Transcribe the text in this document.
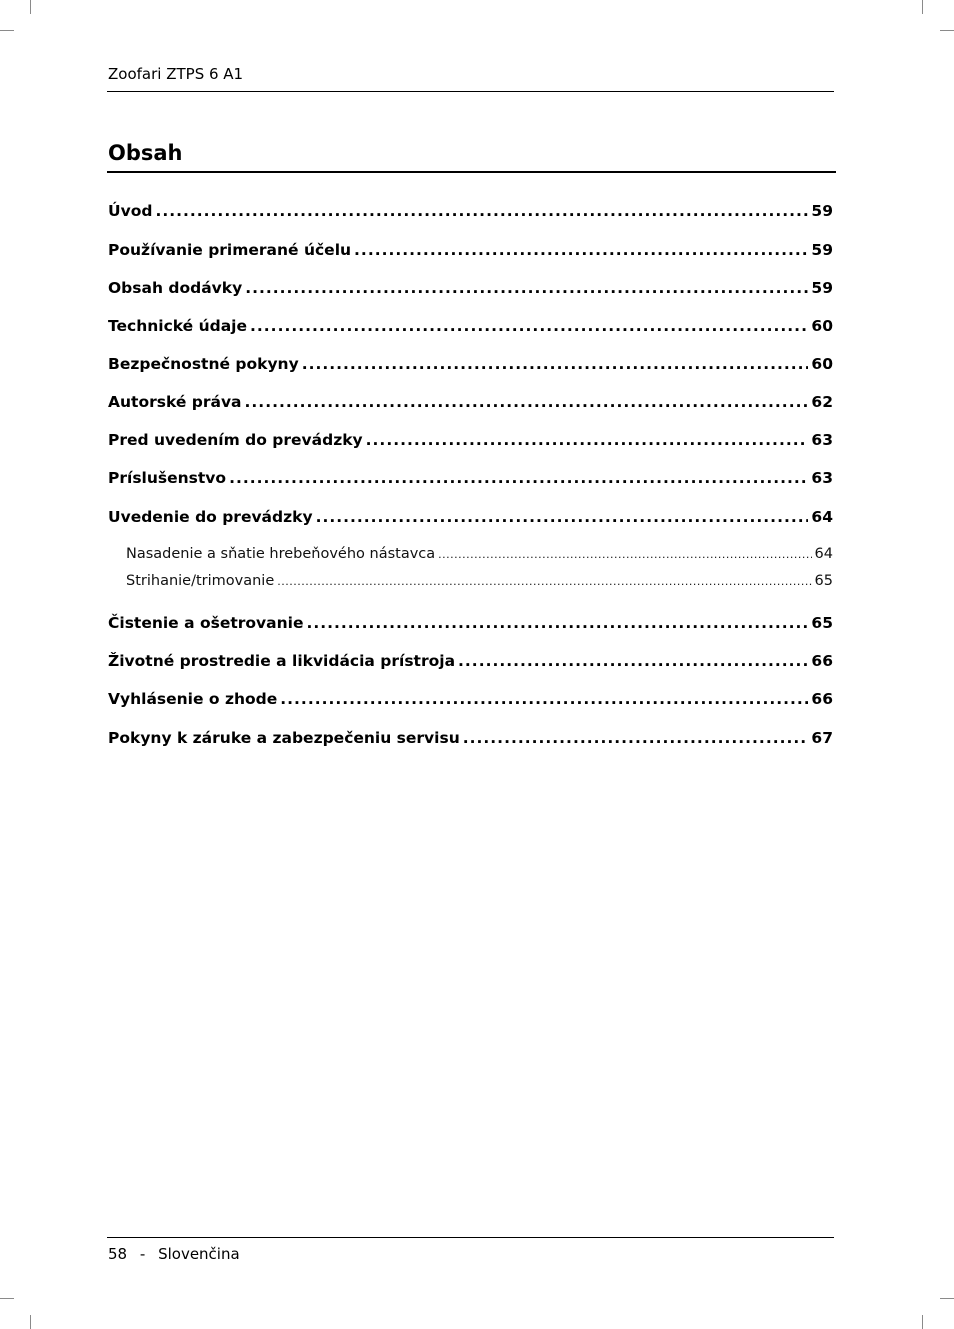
Zoofari ZTPS 6 A1
Obsah
Úvod .....	59
Používanie primerané účelu .....	59
Obsah dodávky .....	59
Technické údaje .....	60
Bezpečnostné pokyny .....	60
Autorské práva .....	62
Pred uvedením do prevádzky .....	63
Príslušenstvo .....	63
Uvedenie do prevádzky .....	64
Nasadenie a sňatie hrebeňového nástavca .....	64
Strihanie/trimovanie .....	65
Čistenie a ošetrovanie .....	65
Životné prostredie a likvidácia prístroja .....	66
Vyhlásenie o zhode .....	66
Pokyny k záruke a zabezpečeniu servisu .....	67
58 - Slovenčina
